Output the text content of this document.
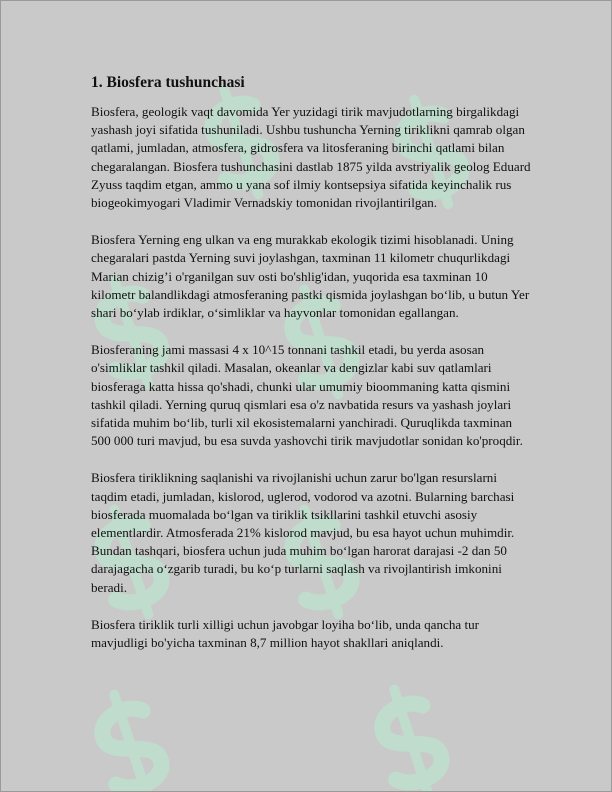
1. Biosfera tushunchasi

Biosfera, geologik vaqt davomida Yer yuzidagi tirik mavjudotlarning birgalikdagi yashash joyi sifatida tushuniladi. Ushbu tushuncha Yerning tiriklikni qamrab olgan qatlami, jumladan, atmosfera, gidrosfera va litosferaning birinchi qatlami bilan chegaralangan. Biosfera tushunchasini dastlab 1875 yilda avstriyalik geolog Eduard Zyuss taqdim etgan, ammo u yana sof ilmiy kontsepsiya sifatida keyinchalik rus biogeokimyogari Vladimir Vernadskiy tomonidan rivojlantirilgan.

Biosfera Yerning eng ulkan va eng murakkab ekologik tizimi hisoblanadi. Uning chegaralari pastda Yerning suvi joylashgan, taxminan 11 kilometr chuqurlikdagi Marian chizig’i o'rganilgan suv osti bo'shlig'idan, yuqorida esa taxminan 10 kilometr balandlikdagi atmosferaning pastki qismida joylashgan bo‘lib, u butun Yer shari bo‘ylab irdiklar, o‘simliklar va hayvonlar tomonidan egallangan.

Biosferaning jami massasi 4 x 10^15 tonnani tashkil etadi, bu yerda asosan o'simliklar tashkil qiladi. Masalan, okeanlar va dengizlar kabi suv qatlamlari biosferaga katta hissa qo'shadi, chunki ular umumiy bioommaning katta qismini tashkil qiladi. Yerning quruq qismlari esa o'z navbatida resurs va yashash joylari sifatida muhim bo‘lib, turli xil ekosistemalarni yanchiradi. Quruqlikda taxminan 500 000 turi mavjud, bu esa suvda yashovchi tirik mavjudotlar sonidan ko'proqdir.

Biosfera tiriklikning saqlanishi va rivojlanishi uchun zarur bo'lgan resurslarni taqdim etadi, jumladan, kislorod, uglerod, vodorod va azotni. Bularning barchasi biosferada muomalada bo‘lgan va tiriklik tsikllarini tashkil etuvchi asosiy elementlardir. Atmosferada 21% kislorod mavjud, bu esa hayot uchun muhimdir. Bundan tashqari, biosfera uchun juda muhim bo‘lgan harorat darajasi -2 dan 50 darajagacha o‘zgarib turadi, bu ko‘p turlarni saqlash va rivojlantirish imkonini beradi.

Biosfera tiriklik turli xilligi uchun javobgar loyiha bo‘lib, unda qancha tur mavjudligi bo'yicha taxminan 8,7 million hayot shakllari aniqlandi.
